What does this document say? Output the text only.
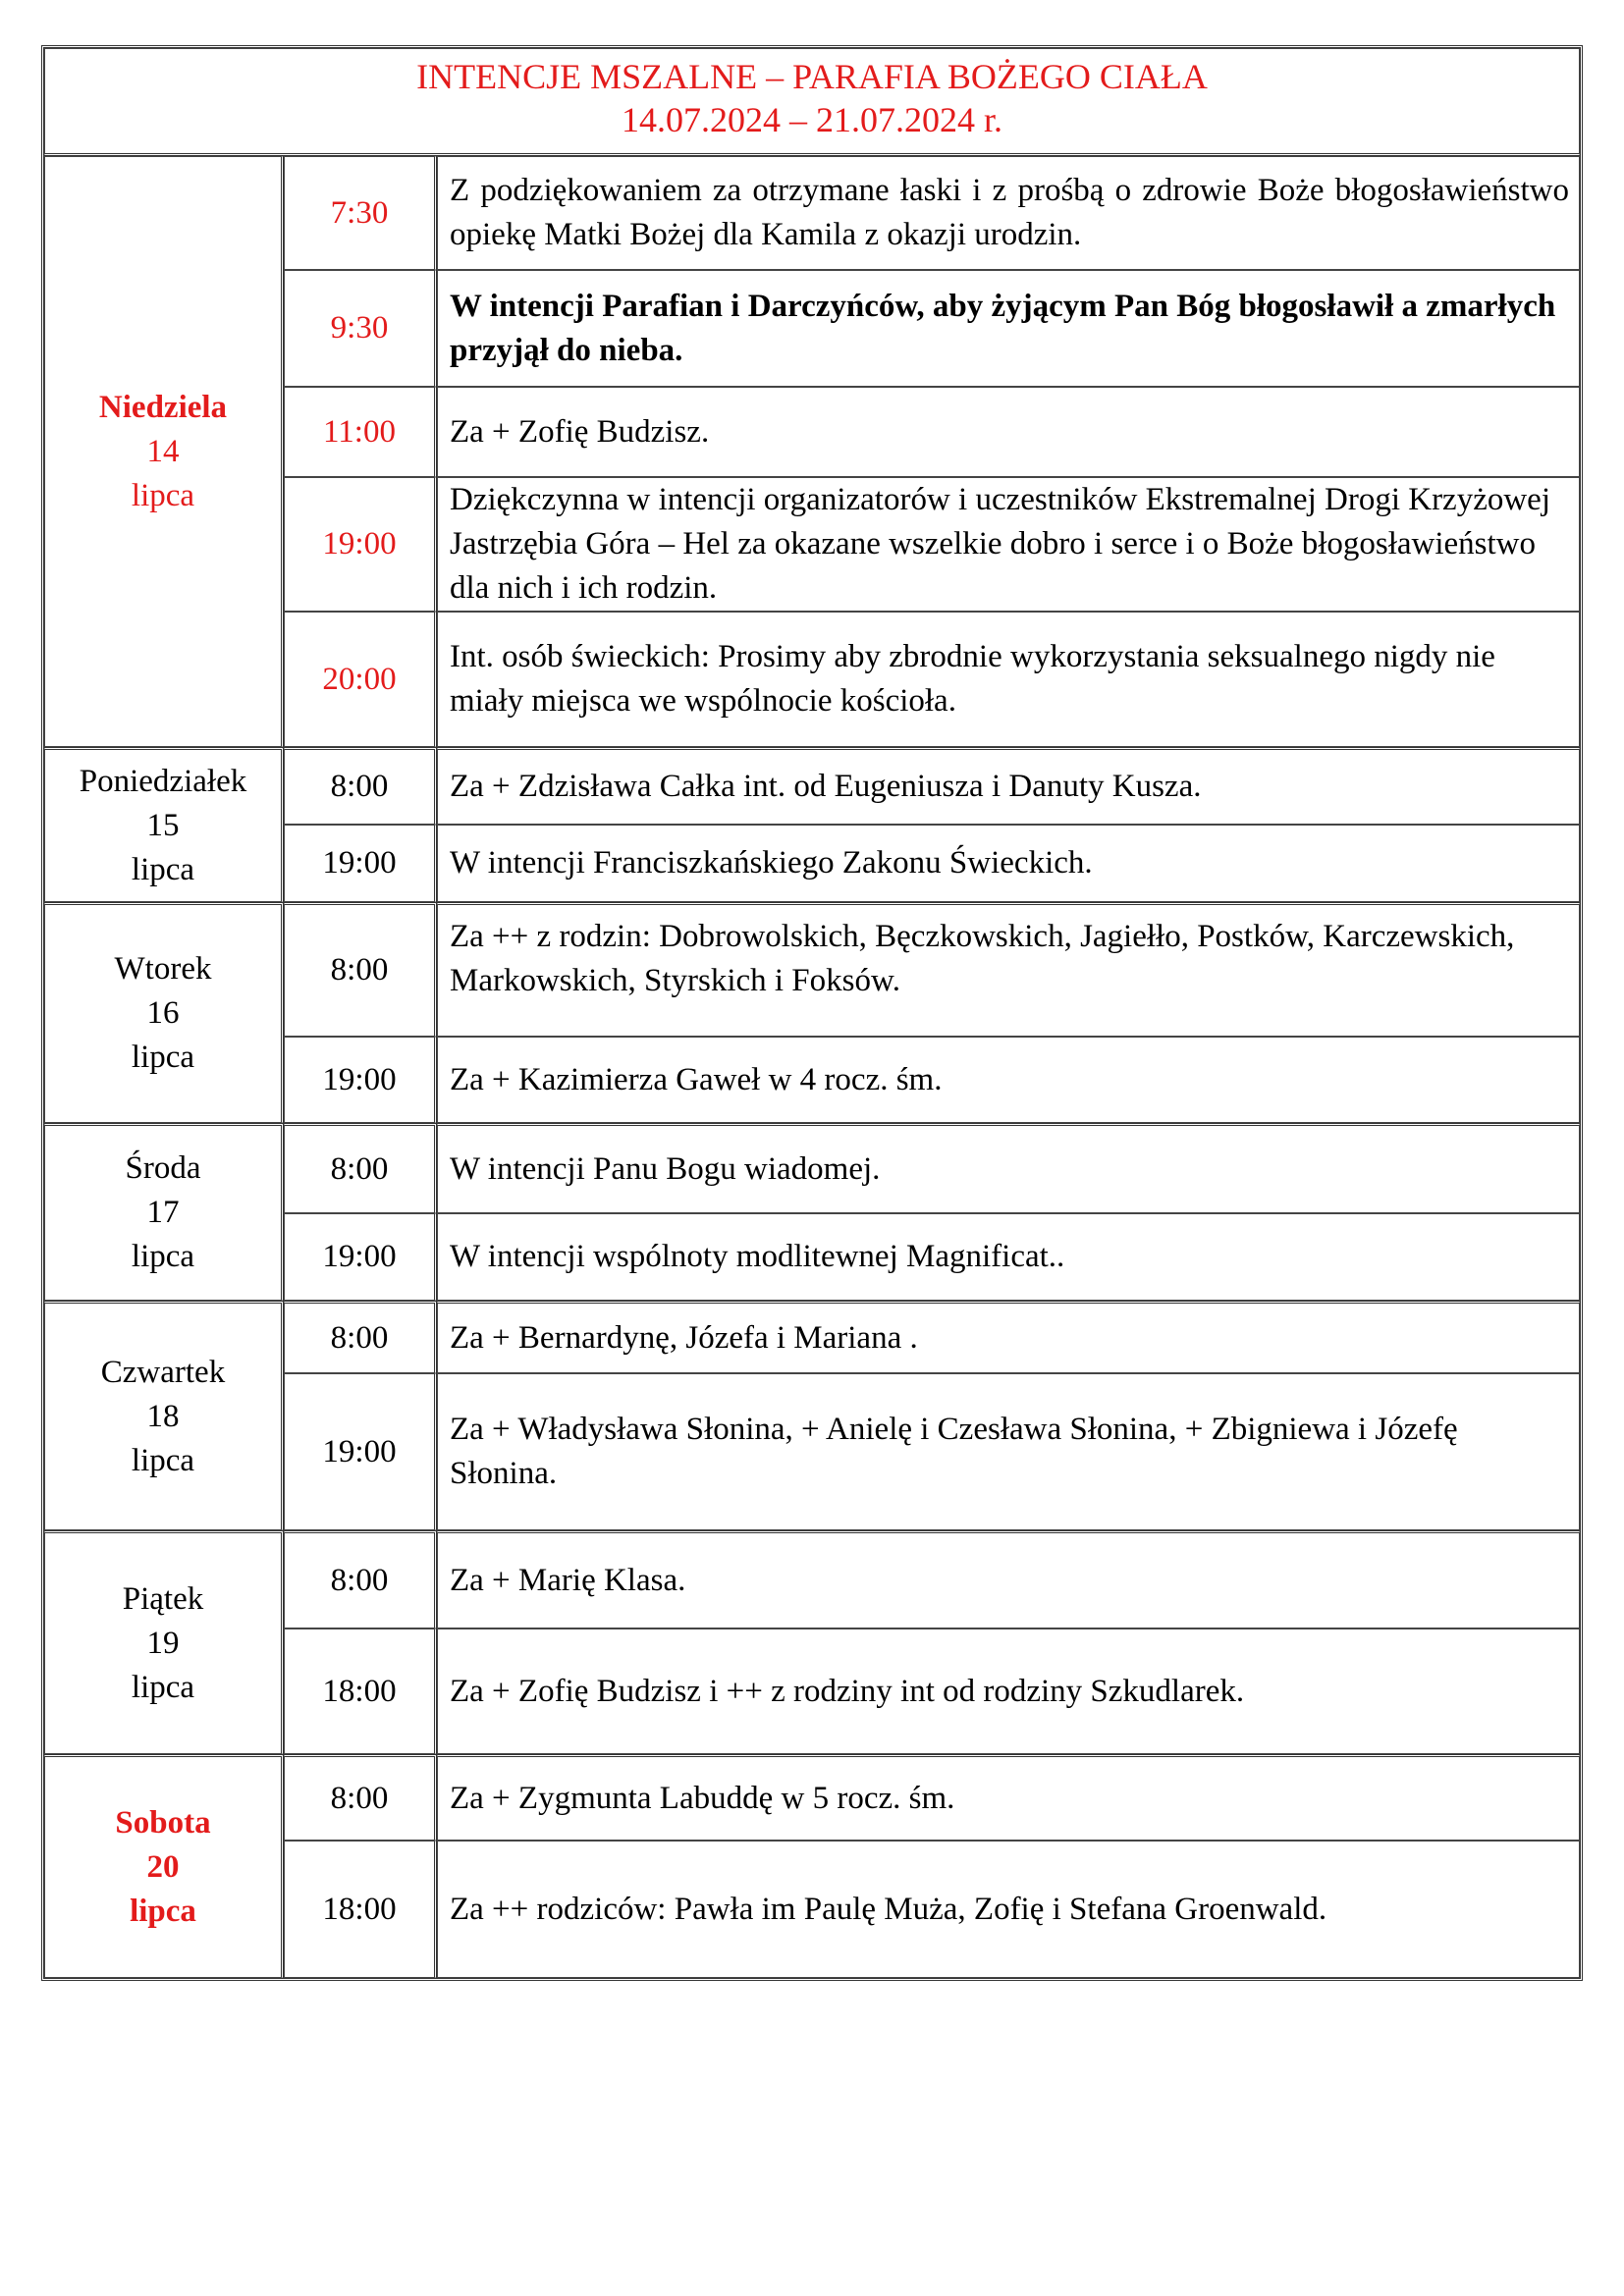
INTENCJE MSZALNE – PARAFIA BOŻEGO CIAŁA
14.07.2024 – 21.07.2024 r.		

Niedziela
14
lipca	7:30	Z podziękowaniem za otrzymane łaski i z prośbą o zdrowie Boże błogosławieństwo opiekę Matki Bożej dla Kamila z okazji urodzin.
	9:30	W intencji Parafian i Darczyńców, aby żyjącym Pan Bóg błogosławił a zmarłych przyjął do nieba.
	11:00	Za + Zofię Budzisz.
	19:00	Dziękczynna w intencji organizatorów i uczestników Ekstremalnej Drogi Krzyżowej Jastrzębia Góra – Hel za okazane wszelkie dobro i serce i o Boże błogosławieństwo dla nich i ich rodzin.
	20:00	Int. osób świeckich: Prosimy aby zbrodnie wykorzystania seksualnego nigdy nie miały miejsca we wspólnocie kościoła.

Poniedziałek
15
lipca	8:00	Za + Zdzisława Całka int. od Eugeniusza i Danuty Kusza.
	19:00	W intencji Franciszkańskiego Zakonu Świeckich.

Wtorek
16
lipca	8:00	Za ++ z rodzin: Dobrowolskich, Bęczkowskich, Jagiełło, Postków, Karczewskich, Markowskich, Styrskich i Foksów.
	19:00	Za + Kazimierza Gaweł w 4 rocz. śm.

Środa
17
lipca	8:00	W intencji Panu Bogu wiadomej.
	19:00	W intencji wspólnoty modlitewnej Magnificat..

Czwartek
18
lipca	8:00	Za + Bernardynę, Józefa i Mariana .
	19:00	Za + Władysława Słonina, + Anielę i Czesława Słonina, + Zbigniewa i Józefę Słonina.

Piątek
19
lipca	8:00	Za + Marię Klasa.
	18:00	Za + Zofię Budzisz i ++ z rodziny int od rodziny Szkudlarek.

Sobota
20
lipca	8:00	Za + Zygmunta Labuddę w 5 rocz. śm.
	18:00	Za ++ rodziców: Pawła im Paulę Muża, Zofię i Stefana Groenwald.
